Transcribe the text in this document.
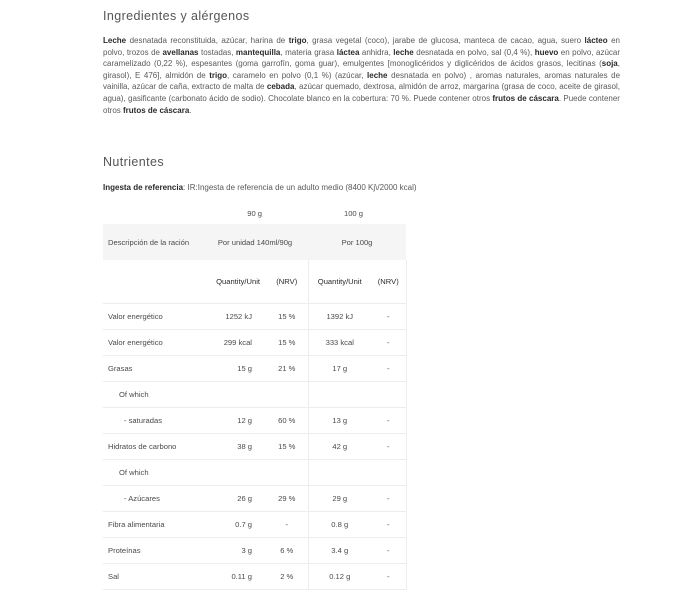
Ingredientes y alérgenos
Leche desnatada reconstituida, azúcar, harina de trigo, grasa vegetal (coco), jarabe de glucosa, manteca de cacao, agua, suero lácteo en polvo, trozos de avellanas tostadas, mantequilla, materia grasa láctea anhidra, leche desnatada en polvo, sal (0,4 %), huevo en polvo, azúcar caramelizado (0,22 %), espesantes (goma garrofín, goma guar), emulgentes [monoglicéridos y diglicéridos de ácidos grasos, lecitinas (soja, girasol), E 476], almidón de trigo, caramelo en polvo (0,1 %) (azúcar, leche desnatada en polvo) , aromas naturales, aromas naturales de vainilla, azúcar de caña, extracto de malta de cebada, azúcar quemado, dextrosa, almidón de arroz, margarina (grasa de coco, aceite de girasol, agua), gasificante (carbonato ácido de sodio). Chocolate blanco en la cobertura: 70 %. Puede contener otros frutos de cáscara. Puede contener otros frutos de cáscara.
Nutrientes
Ingesta de referencia: IR:Ingesta de referencia de un adulto medio (8400 Kj\/2000 kcal)
	90 g		100 g	
Descripción de la ración	Por unidad 140ml/90g		Por 100g	
	Quantity/Unit	(NRV)	Quantity/Unit	(NRV)
Valor energético	1252 kJ	15 %	1392 kJ	-
Valor energético	299 kcal	15 %	333 kcal	-
Grasas	15 g	21 %	17 g	-
Of which				
- saturadas	12 g	60 %	13 g	-
Hidratos de carbono	38 g	15 %	42 g	-
Of which				
- Azúcares	26 g	29 %	29 g	-
Fibra alimentaria	0.7 g	-	0.8 g	-
Proteínas	3 g	6 %	3.4 g	-
Sal	0.11 g	2 %	0.12 g	-
